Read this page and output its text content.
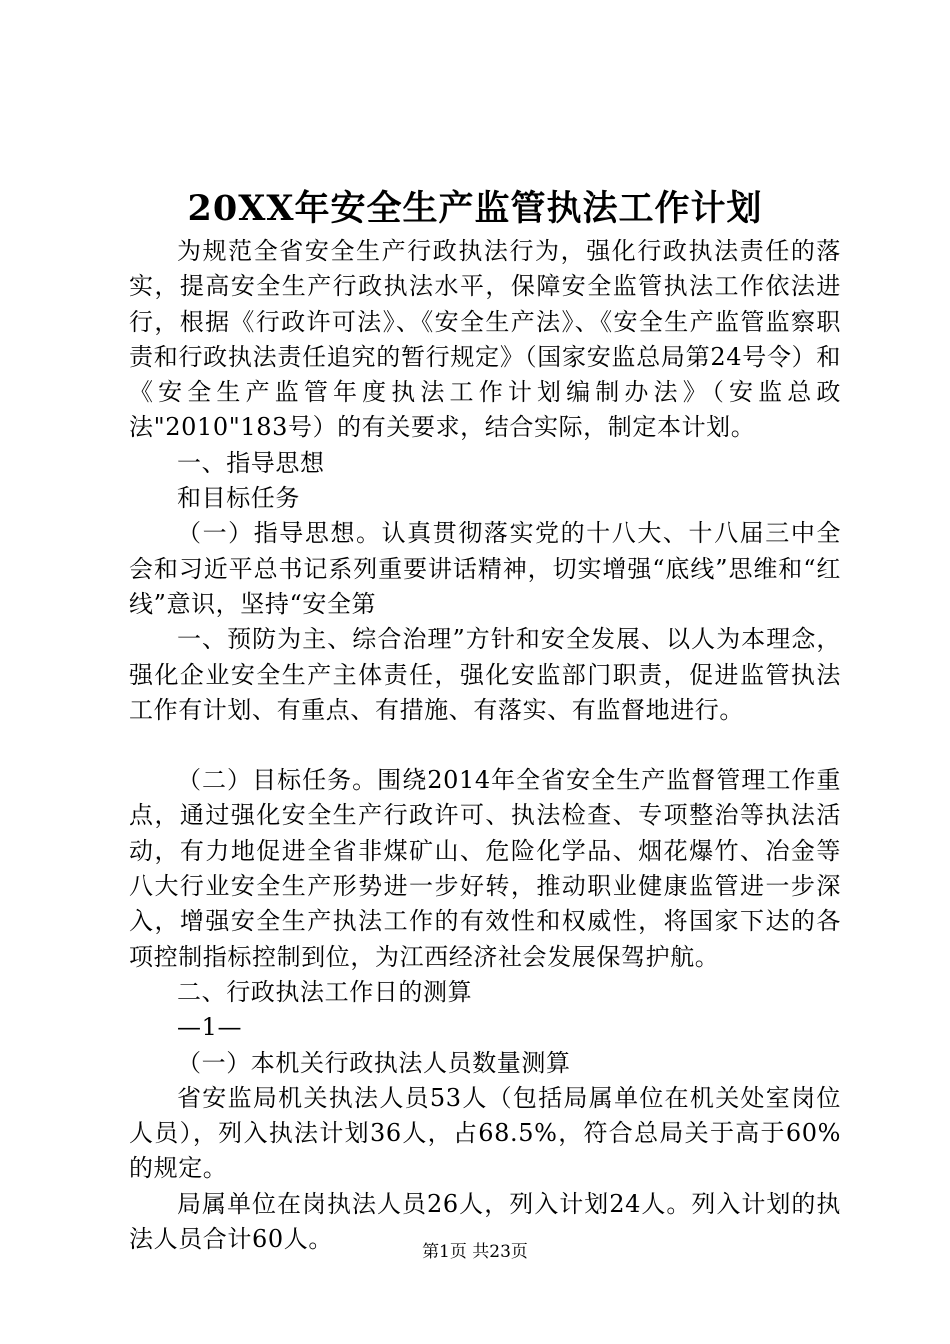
20XX年安全生产监管执法工作计划

为规范全省安全生产行政执法行为，强化行政执法责任的落实，提高安全生产行政执法水平，保障安全监管执法工作依法进行，根据《行政许可法》、《安全生产法》、《安全生产监管监察职责和行政执法责任追究的暂行规定》（国家安监总局第24号令）和《安全生产监管年度执法工作计划编制办法》（安监总政法"2010"183号）的有关要求，结合实际，制定本计划。

一、指导思想

和目标任务

（一）指导思想。认真贯彻落实党的十八大、十八届三中全会和习近平总书记系列重要讲话精神，切实增强“底线”思维和“红线”意识，坚持“安全第

一、预防为主、综合治理”方针和安全发展、以人为本理念，强化企业安全生产主体责任，强化安监部门职责，促进监管执法工作有计划、有重点、有措施、有落实、有监督地进行。

（二）目标任务。围绕2014年全省安全生产监督管理工作重点，通过强化安全生产行政许可、执法检查、专项整治等执法活动，有力地促进全省非煤矿山、危险化学品、烟花爆竹、冶金等八大行业安全生产形势进一步好转，推动职业健康监管进一步深入，增强安全生产执法工作的有效性和权威性，将国家下达的各项控制指标控制到位，为江西经济社会发展保驾护航。

二、行政执法工作日的测算

—1—

（一）本机关行政执法人员数量测算

省安监局机关执法人员53人（包括局属单位在机关处室岗位人员），列入执法计划36人，占68.5%，符合总局关于高于60%的规定。

局属单位在岗执法人员26人，列入计划24人。列入计划的执法人员合计60人。	第1页 共23页
